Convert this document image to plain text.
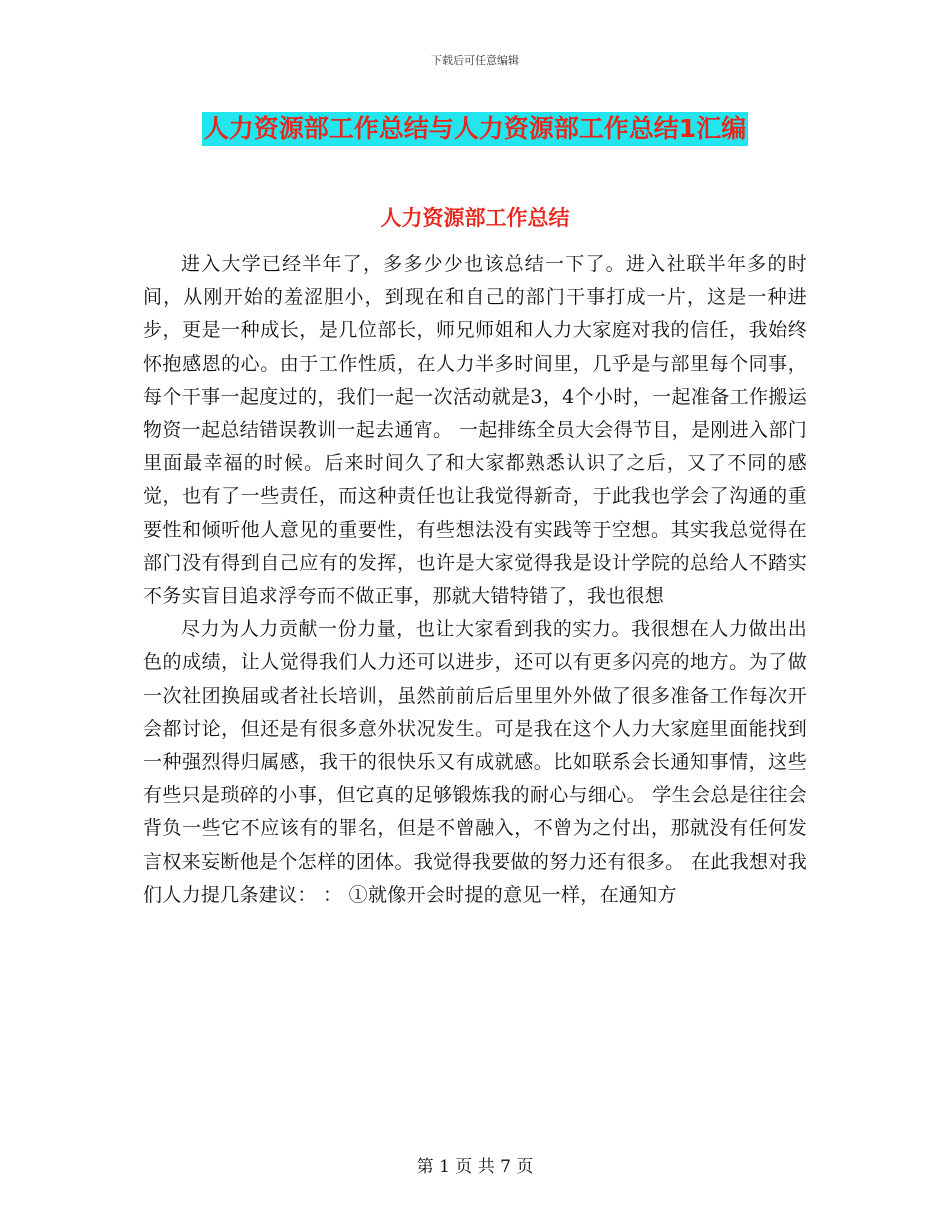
下载后可任意编辑
人力资源部工作总结与人力资源部工作总结1汇编
人力资源部工作总结

进入大学已经半年了，多多少少也该总结一下了。进入社联半年多的时间，从刚开始的羞涩胆小，到现在和自己的部门干事打成一片，这是一种进步，更是一种成长，是几位部长，师兄师姐和人力大家庭对我的信任，我始终怀抱感恩的心。由于工作性质，在人力半多时间里，几乎是与部里每个同事，每个干事一起度过的，我们一起一次活动就是3，4个小时，一起准备工作搬运物资一起总结错误教训一起去通宵。 一起排练全员大会得节目，是刚进入部门里面最幸福的时候。后来时间久了和大家都熟悉认识了之后，又了不同的感觉，也有了一些责任，而这种责任也让我觉得新奇，于此我也学会了沟通的重要性和倾听他人意见的重要性，有些想法没有实践等于空想。其实我总觉得在部门没有得到自己应有的发挥，也许是大家觉得我是设计学院的总给人不踏实不务实盲目追求浮夸而不做正事，那就大错特错了，我也很想

尽力为人力贡献一份力量，也让大家看到我的实力。我很想在人力做出出色的成绩，让人觉得我们人力还可以进步，还可以有更多闪亮的地方。为了做一次社团换届或者社长培训，虽然前前后后里里外外做了很多准备工作每次开会都讨论，但还是有很多意外状况发生。可是我在这个人力大家庭里面能找到一种强烈得归属感，我干的很快乐又有成就感。比如联系会长通知事情，这些有些只是琐碎的小事，但它真的足够锻炼我的耐心与细心。 学生会总是往往会背负一些它不应该有的罪名，但是不曾融入，不曾为之付出，那就没有任何发言权来妄断他是个怎样的团体。我觉得我要做的努力还有很多。 在此我想对我们人力提几条建议： ： ①就像开会时提的意见一样，在通知方

第 1 页 共 7 页
